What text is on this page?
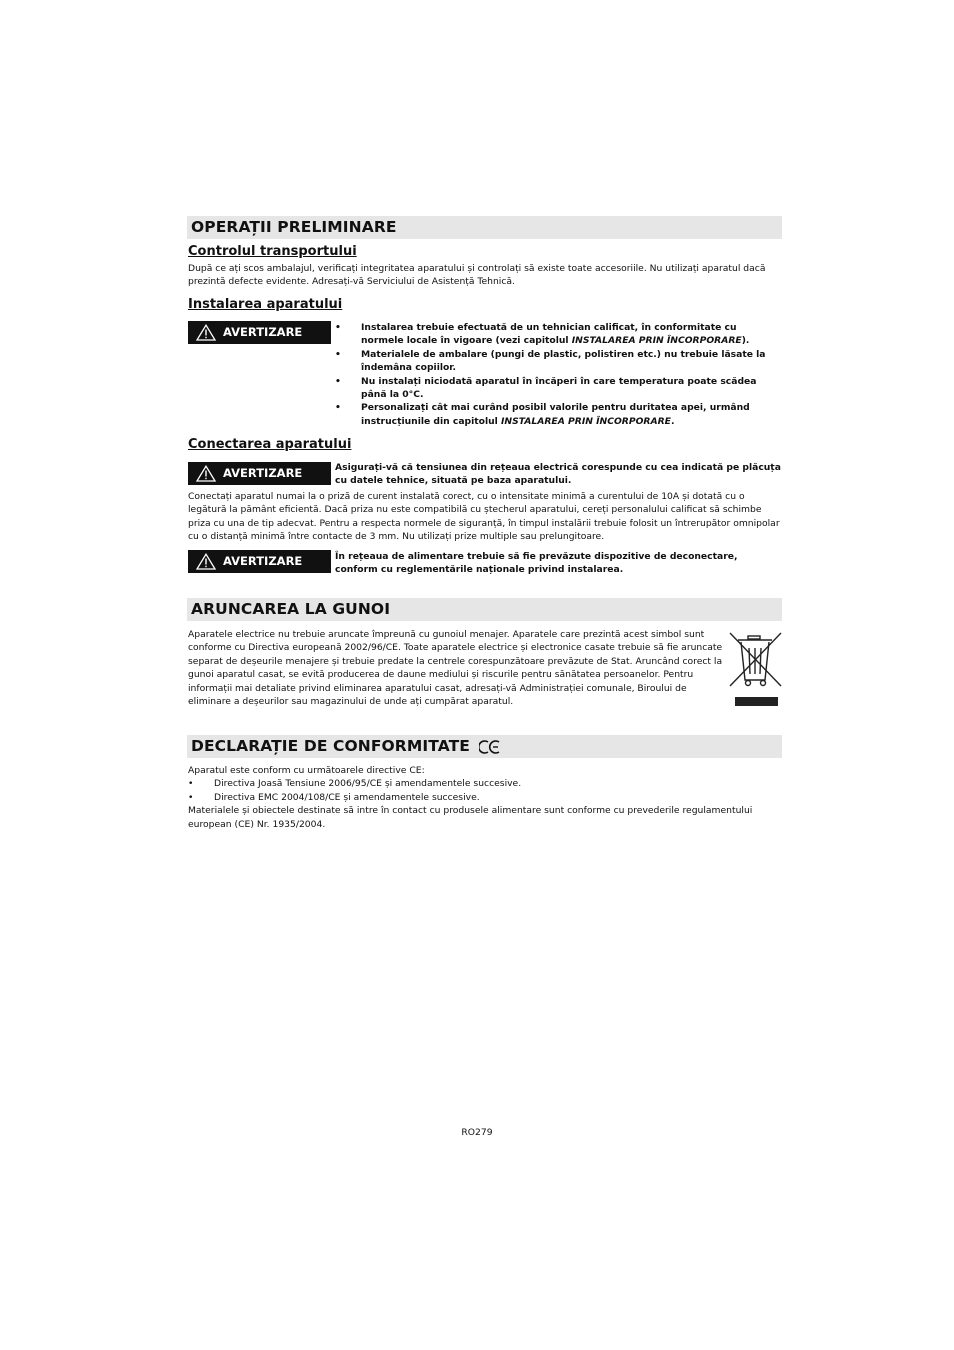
OPERAȚII PRELIMINARE
Controlul transportului
După ce ați scos ambalajul, verificați integritatea aparatului și controlați să existe toate accesoriile. Nu utilizați aparatul dacă prezintă defecte evidente. Adresați-vă Serviciului de Asistență Tehnică.
Instalarea aparatului
AVERTIZARE	• Instalarea trebuie efectuată de un tehnician calificat, în conformitate cu normele locale în vigoare (vezi capitolul INSTALAREA PRIN ÎNCORPORARE).
• Materialele de ambalare (pungi de plastic, polistiren etc.) nu trebuie lăsate la îndemâna copiilor.
• Nu instalați niciodată aparatul în încăperi în care temperatura poate scădea până la 0°C.
• Personalizați cât mai curând posibil valorile pentru duritatea apei, urmând instrucțiunile din capitolul INSTALAREA PRIN ÎNCORPORARE.
Conectarea aparatului
AVERTIZARE	Asigurați-vă că tensiunea din rețeaua electrică corespunde cu cea indicată pe plăcuța cu datele tehnice, situată pe baza aparatului.
Conectați aparatul numai la o priză de curent instalată corect, cu o intensitate minimă a curentului de 10A și dotată cu o legătură la pământ eficientă. Dacă priza nu este compatibilă cu ștecherul aparatului, cereți personalului calificat să schimbe priza cu una de tip adecvat. Pentru a respecta normele de siguranță, în timpul instalării trebuie folosit un întrerupător omnipolar cu o distanță minimă între contacte de 3 mm. Nu utilizați prize multiple sau prelungitoare.
AVERTIZARE	În rețeaua de alimentare trebuie să fie prevăzute dispozitive de deconectare, conform cu reglementările naționale privind instalarea.
ARUNCAREA LA GUNOI
Aparatele electrice nu trebuie aruncate împreună cu gunoiul menajer. Aparatele care prezintă acest simbol sunt conforme cu Directiva europeană 2002/96/CE. Toate aparatele electrice și electronice casate trebuie să fie aruncate separat de deșeurile menajere și trebuie predate la centrele corespunzătoare prevăzute de Stat. Aruncând corect la gunoi aparatul casat, se evită producerea de daune mediului și riscurile pentru sănătatea persoanelor. Pentru informații mai detaliate privind eliminarea aparatului casat, adresați-vă Administrației comunale, Biroului de eliminare a deșeurilor sau magazinului de unde ați cumpărat aparatul.
DECLARAȚIE DE CONFORMITATE
Aparatul este conform cu următoarele directive CE:
• Directiva Joasă Tensiune 2006/95/CE și amendamentele succesive.
• Directiva EMC 2004/108/CE și amendamentele succesive.
Materialele și obiectele destinate să intre în contact cu produsele alimentare sunt conforme cu prevederile regulamentului european (CE) Nr. 1935/2004.
RO279
